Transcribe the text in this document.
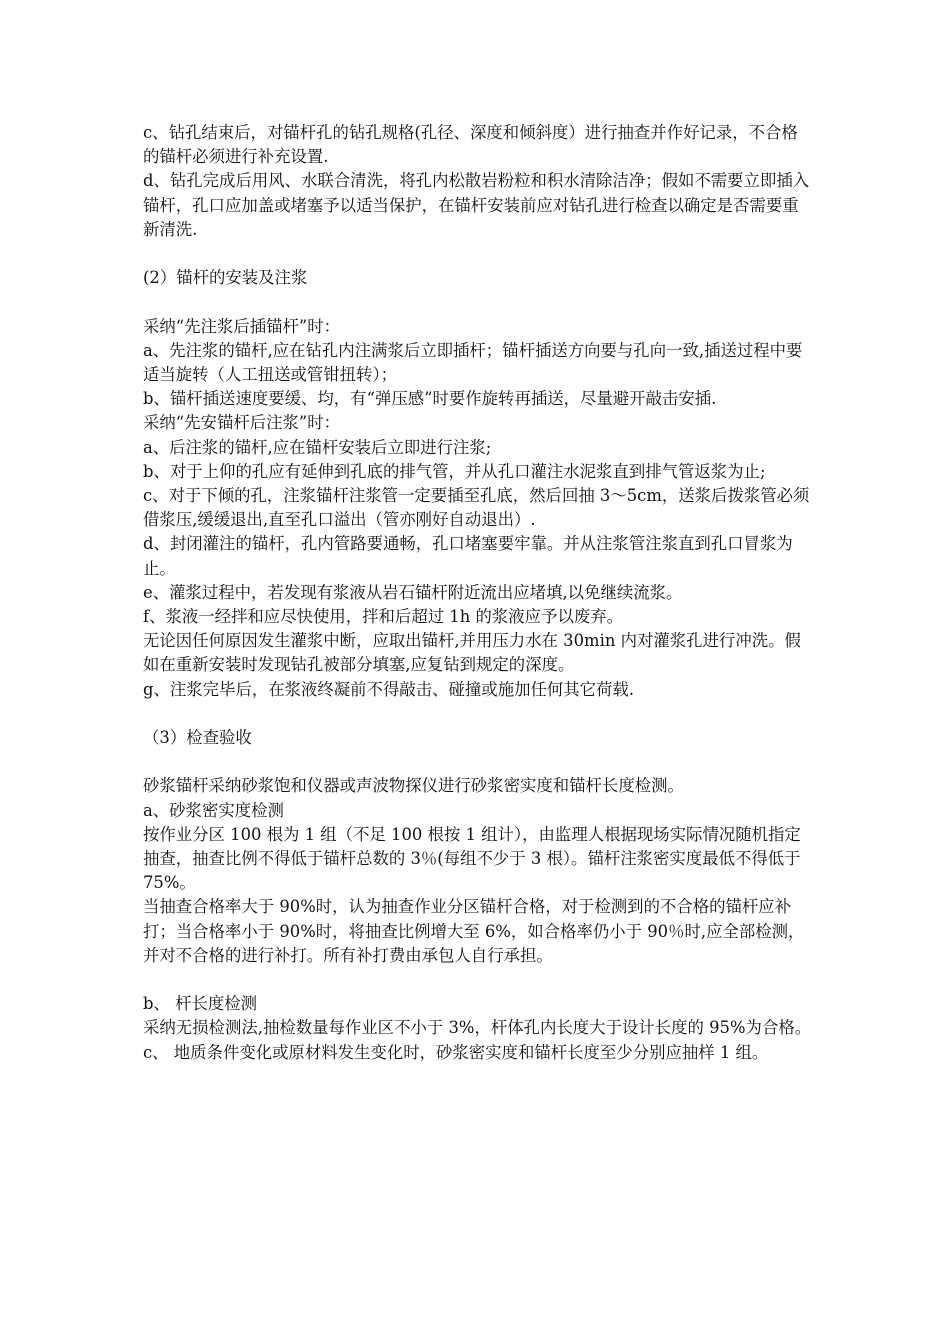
c、钻孔结束后，对锚杆孔的钻孔规格(孔径、深度和倾斜度）进行抽查并作好记录，不合格的锚杆必须进行补充设置.

d、钻孔完成后用风、水联合清洗，将孔内松散岩粉粒和积水清除洁净；假如不需要立即插入锚杆，孔口应加盖或堵塞予以适当保护，在锚杆安装前应对钻孔进行检查以确定是否需要重新清洗.

(2）锚杆的安装及注浆

采纳“先注浆后插锚杆”时：

a、先注浆的锚杆,应在钻孔内注满浆后立即插杆；锚杆插送方向要与孔向一致,插送过程中要适当旋转（人工扭送或管钳扭转）；

b、锚杆插送速度要缓、均，有“弹压感”时要作旋转再插送，尽量避开敲击安插.

采纳“先安锚杆后注浆”时：

a、后注浆的锚杆,应在锚杆安装后立即进行注浆;

b、对于上仰的孔应有延伸到孔底的排气管，并从孔口灌注水泥浆直到排气管返浆为止;

c、对于下倾的孔，注浆锚杆注浆管一定要插至孔底，然后回抽 3～5cm，送浆后拨浆管必须借浆压,缓缓退出,直至孔口溢出（管亦刚好自动退出）.

d、封闭灌注的锚杆，孔内管路要通畅，孔口堵塞要牢靠。并从注浆管注浆直到孔口冒浆为止。

e、灌浆过程中，若发现有浆液从岩石锚杆附近流出应堵填,以免继续流浆。

f、浆液一经拌和应尽快使用，拌和后超过 1h 的浆液应予以废弃。

无论因任何原因发生灌浆中断，应取出锚杆,并用压力水在 30min 内对灌浆孔进行冲洗。假如在重新安装时发现钻孔被部分填塞,应复钻到规定的深度。

g、注浆完毕后，在浆液终凝前不得敲击、碰撞或施加任何其它荷载.

（3）检查验收

砂浆锚杆采纳砂浆饱和仪器或声波物探仪进行砂浆密实度和锚杆长度检测。

a、砂浆密实度检测

按作业分区 100 根为 1 组（不足 100 根按 1 组计），由监理人根据现场实际情况随机指定抽查，抽查比例不得低于锚杆总数的 3％(每组不少于 3 根）。锚杆注浆密实度最低不得低于 75%。

当抽查合格率大于 90%时，认为抽查作业分区锚杆合格，对于检测到的不合格的锚杆应补打；当合格率小于 90%时，将抽查比例增大至 6%，如合格率仍小于 90％时,应全部检测，并对不合格的进行补打。所有补打费由承包人自行承担。

b、 杆长度检测

采纳无损检测法,抽检数量每作业区不小于 3%，杆体孔内长度大于设计长度的 95%为合格。

c、 地质条件变化或原材料发生变化时，砂浆密实度和锚杆长度至少分别应抽样 1 组。
